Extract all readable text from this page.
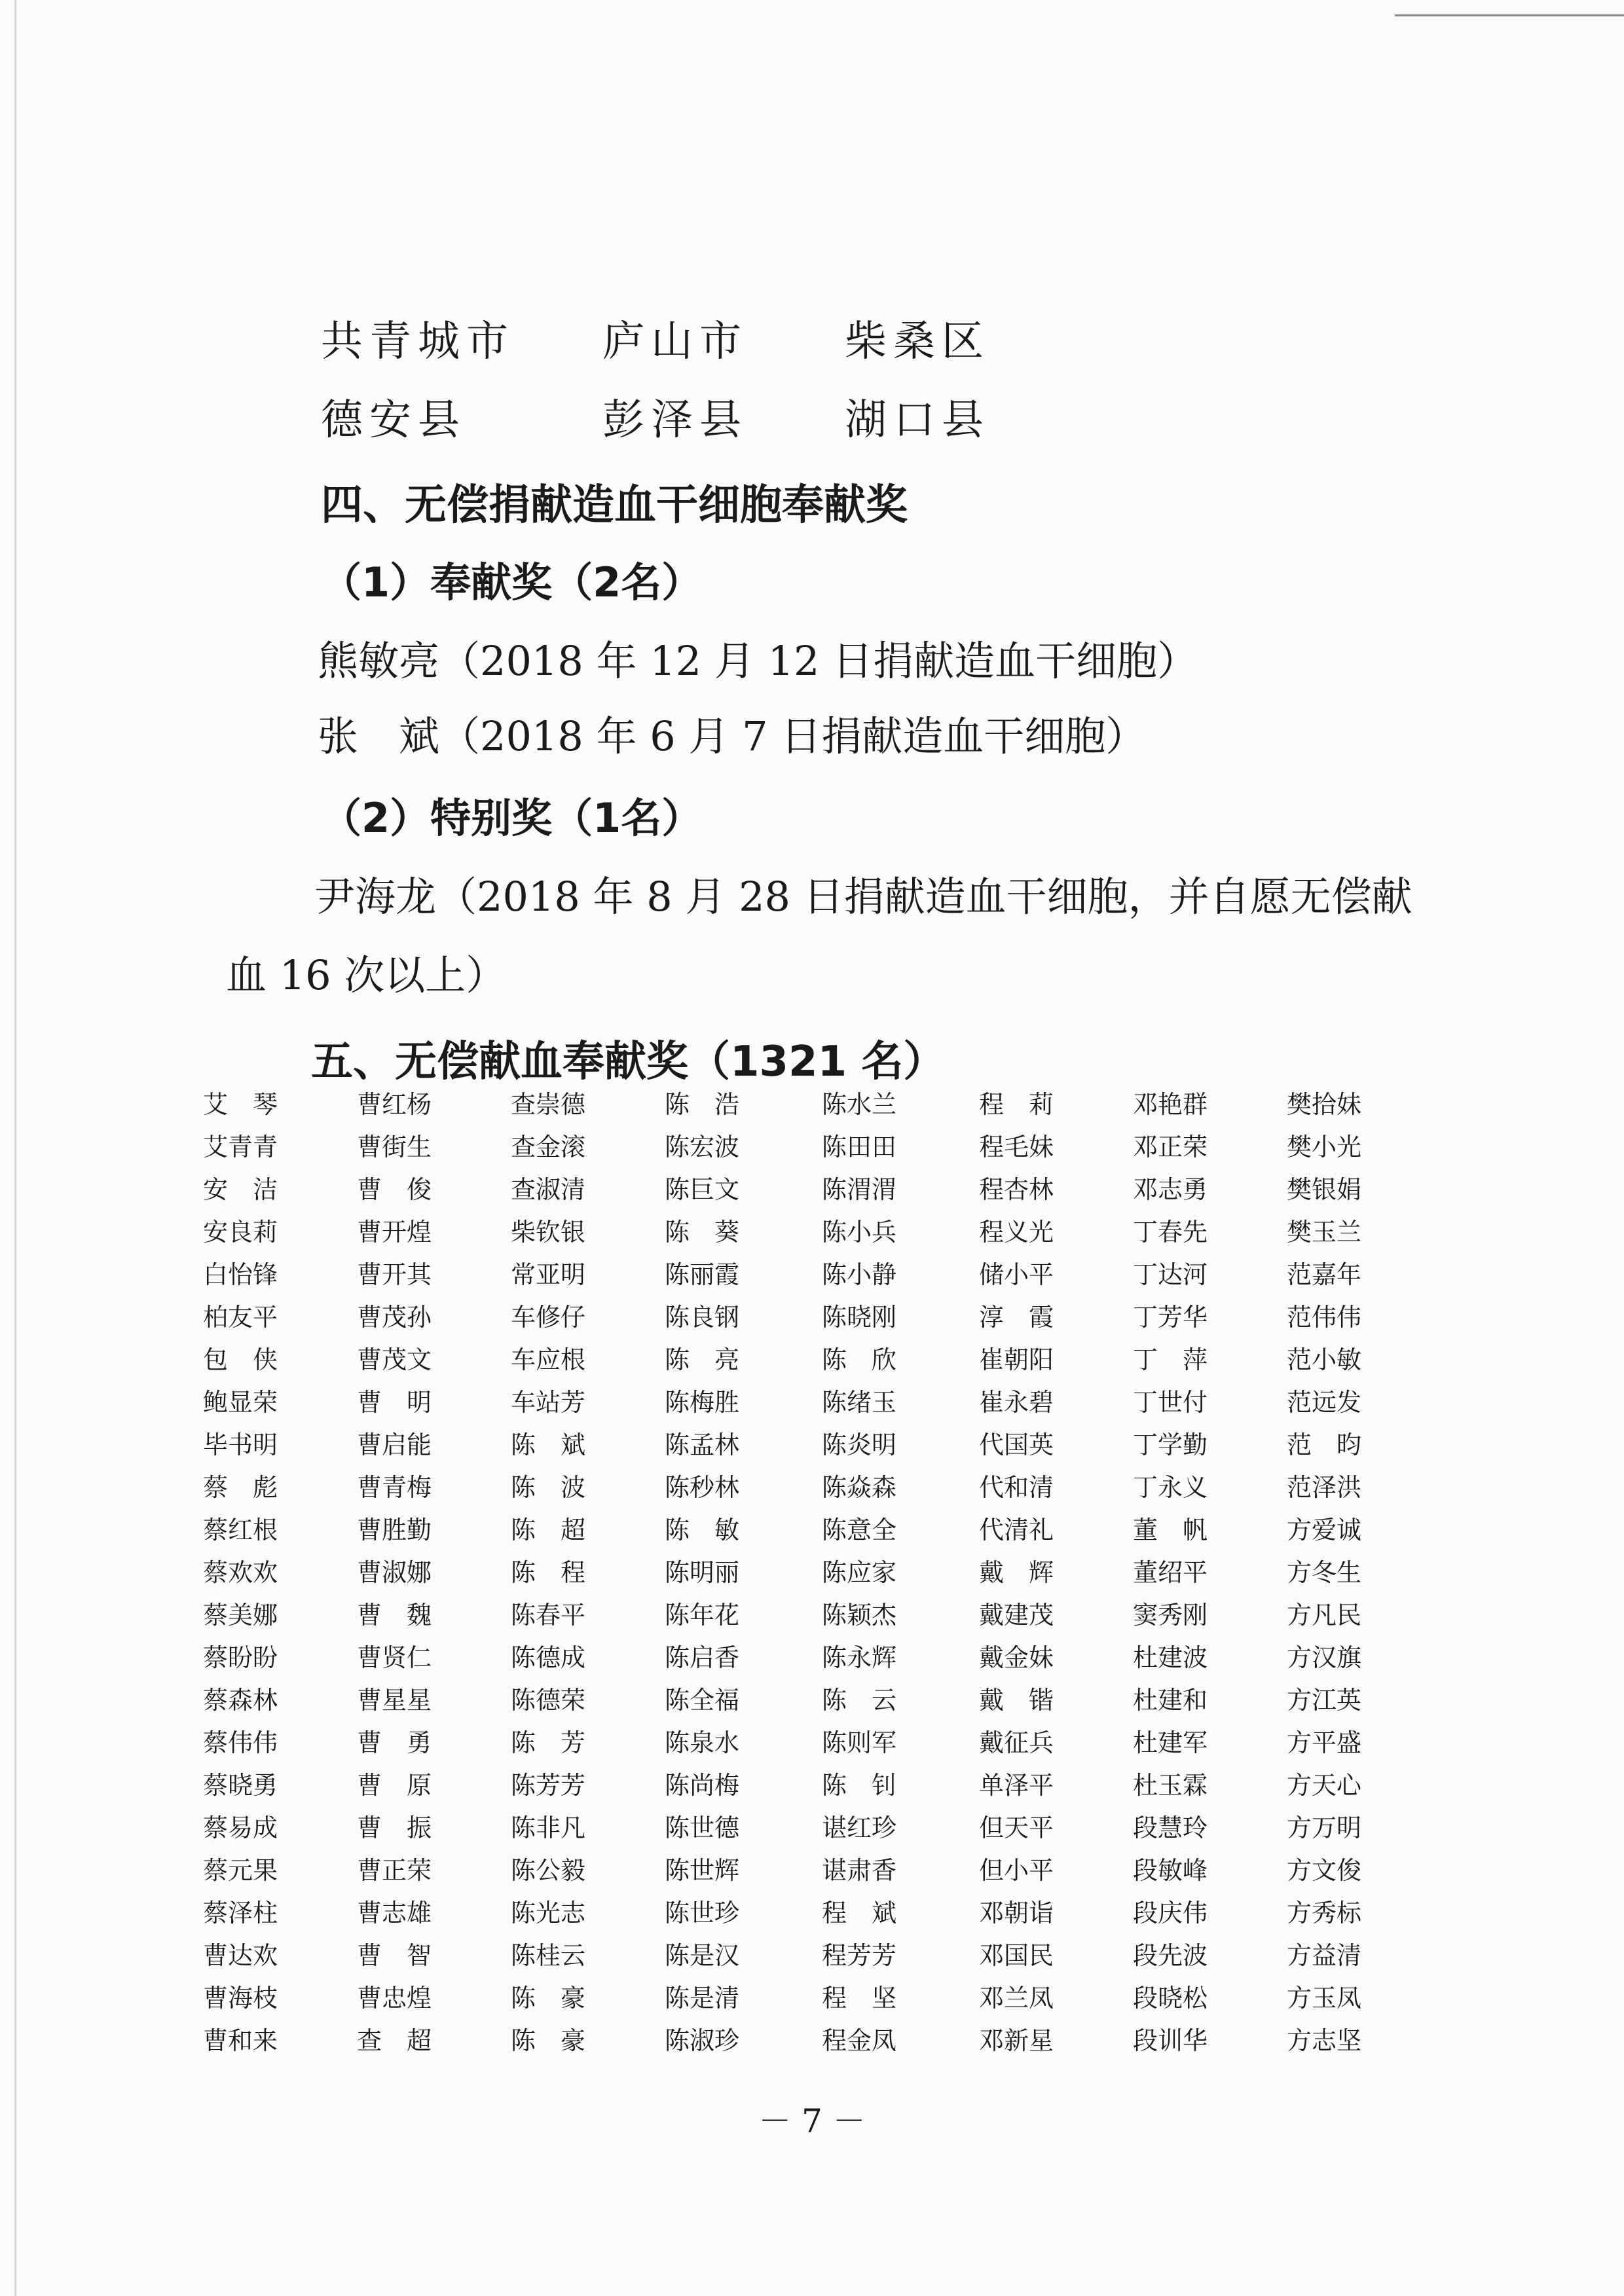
共青城市 庐山市 柴桑区
德安县	彭泽县 湖口县
四、无偿捐献造血干细胞奉献奖
（1）奉献奖（2名）
熊敏亮（2018 年 12 月 12 日捐献造血干细胞）
张　斌（2018 年 6 月 7 日捐献造血干细胞）
（2）特别奖（1名）
尹海龙（2018 年 8 月 28 日捐献造血干细胞，并自愿无偿献
血 16 次以上）
五、无偿献血奉献奖（1321 名）
艾　琴
艾青青
安　洁
安良莉
白怡锋
柏友平
包　侠
鲍显荣
毕书明
蔡　彪
蔡红根
蔡欢欢
蔡美娜
蔡盼盼
蔡森林
蔡伟伟
蔡晓勇
蔡易成
蔡元果
蔡泽柱
曹达欢
曹海枝
曹和来
曹红杨
曹街生
曹　俊
曹开煌
曹开其
曹茂孙
曹茂文
曹　明
曹启能
曹青梅
曹胜勤
曹淑娜
曹　魏
曹贤仁
曹星星
曹　勇
曹　原
曹　振
曹正荣
曹志雄
曹　智
曹忠煌
查　超
查崇德
查金滚
查淑清
柴钦银
常亚明
车修仔
车应根
车站芳
陈　斌
陈　波
陈　超
陈　程
陈春平
陈德成
陈德荣
陈　芳
陈芳芳
陈非凡
陈公毅
陈光志
陈桂云
陈　豪
陈　豪
陈　浩
陈宏波
陈巨文
陈　葵
陈丽霞
陈良钢
陈　亮
陈梅胜
陈孟林
陈秒林
陈　敏
陈明丽
陈年花
陈启香
陈全福
陈泉水
陈尚梅
陈世德
陈世辉
陈世珍
陈是汉
陈是清
陈淑珍
陈水兰
陈田田
陈渭渭
陈小兵
陈小静
陈晓刚
陈　欣
陈绪玉
陈炎明
陈焱森
陈意全
陈应家
陈颖杰
陈永辉
陈　云
陈则军
陈　钊
谌红珍
谌肃香
程　斌
程芳芳
程　坚
程金凤
程　莉
程毛妹
程杏林
程义光
储小平
淳　霞
崔朝阳
崔永碧
代国英
代和清
代清礼
戴　辉
戴建茂
戴金妹
戴　锴
戴征兵
单泽平
但天平
但小平
邓朝诣
邓国民
邓兰凤
邓新星
邓艳群
邓正荣
邓志勇
丁春先
丁达河
丁芳华
丁　萍
丁世付
丁学勤
丁永义
董　帆
董绍平
窦秀刚
杜建波
杜建和
杜建军
杜玉霖
段慧玲
段敏峰
段庆伟
段先波
段晓松
段训华
樊拾妹
樊小光
樊银娟
樊玉兰
范嘉年
范伟伟
范小敏
范远发
范　昀
范泽洪
方爱诚
方冬生
方凡民
方汉旗
方江英
方平盛
方天心
方万明
方文俊
方秀标
方益清
方玉凤
方志坚
－ 7 －
